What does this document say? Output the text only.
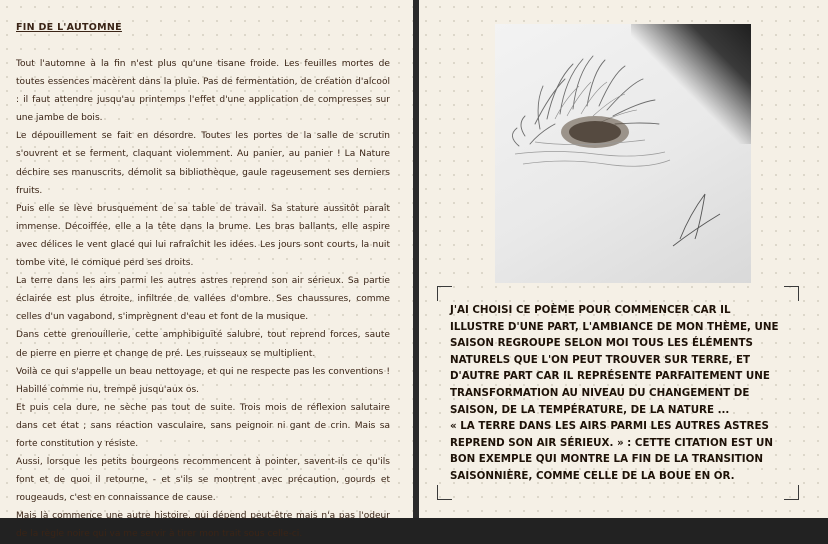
FIN DE L'AUTOMNE

Tout l'automne à la fin n'est plus qu'une tisane froide. Les feuilles mortes de toutes essences macèrent dans la pluie. Pas de fermentation, de création d'alcool : il faut attendre jusqu'au printemps l'effet d'une application de compresses sur une jambe de bois.

Le dépouillement se fait en désordre. Toutes les portes de la salle de scrutin s'ouvrent et se ferment, claquant violemment. Au panier, au panier ! La Nature déchire ses manuscrits, démolit sa bibliothèque, gaule rageusement ses derniers fruits.

Puis elle se lève brusquement de sa table de travail. Sa stature aussitôt paraît immense. Décoiffée, elle a la tête dans la brume. Les bras ballants, elle aspire avec délices le vent glacé qui lui rafraîchit les idées. Les jours sont courts, la nuit tombe vite, le comique perd ses droits.

La terre dans les airs parmi les autres astres reprend son air sérieux. Sa partie éclairée est plus étroite, infiltrée de vallées d'ombre. Ses chaussures, comme celles d'un vagabond, s'imprègnent d'eau et font de la musique.

Dans cette grenouillerie, cette amphibiguïté salubre, tout reprend forces, saute de pierre en pierre et change de pré. Les ruisseaux se multiplient.

Voilà ce qui s'appelle un beau nettoyage, et qui ne respecte pas les conventions ! Habillé comme nu, trempé jusqu'aux os.

Et puis cela dure, ne sèche pas tout de suite. Trois mois de réflexion salutaire dans cet état ; sans réaction vasculaire, sans peignoir ni gant de crin. Mais sa forte constitution y résiste.

Aussi, lorsque les petits bourgeons recommencent à pointer, savent-ils ce qu'ils font et de quoi il retourne, - et s'ils se montrent avec précaution, gourds et rougeauds, c'est en connaissance de cause.

Mais là commence une autre histoire, qui dépend peut-être mais n'a pas l'odeur de la règle noire qui va me servir à tirer mon trait sous celle-ci.

J'AI CHOISI CE POÈME POUR COMMENCER CAR IL ILLUSTRE D'UNE PART, L'AMBIANCE DE MON THÈME, UNE SAISON REGROUPE SELON MOI TOUS LES ÉLÉMENTS NATURELS QUE L'ON PEUT TROUVER SUR TERRE, ET D'AUTRE PART CAR IL REPRÉSENTE PARFAITEMENT UNE TRANSFORMATION AU NIVEAU DU CHANGEMENT DE SAISON, DE LA TEMPÉRATURE, DE LA NATURE ...

« LA TERRE DANS LES AIRS PARMI LES AUTRES ASTRES REPREND SON AIR SÉRIEUX. » : CETTE CITATION EST UN BON EXEMPLE QUI MONTRE LA FIN DE LA TRANSITION SAISONNIÈRE, COMME CELLE DE LA BOUE EN OR.
